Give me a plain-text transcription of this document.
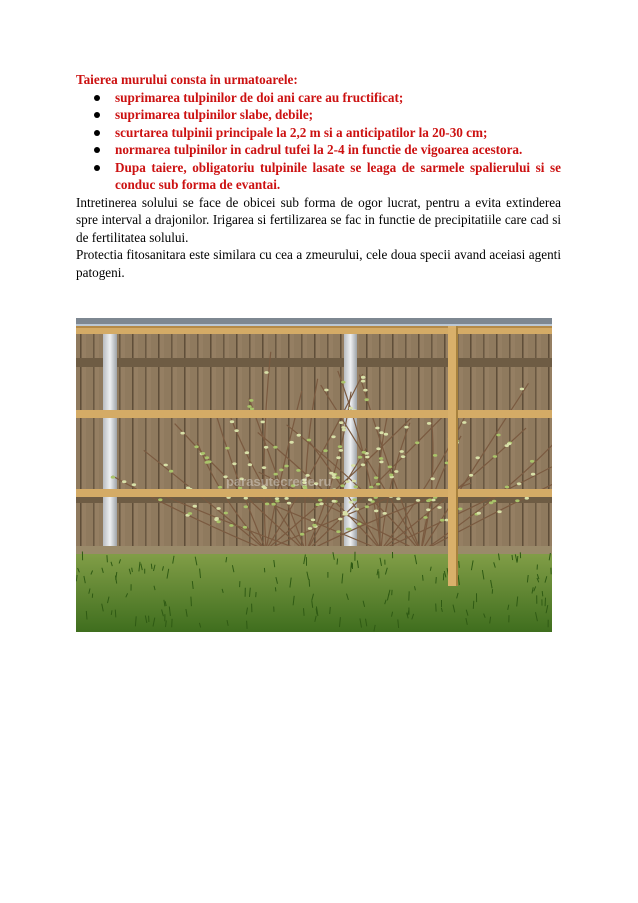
Taierea murului consta in urmatoarele:

suprimarea tulpinilor de doi ani care au fructificat;
suprimarea tulpinilor slabe, debile;
scurtarea tulpinii principale la 2,2 m si a anticipatilor la 20-30 cm;
normarea tulpinilor in cadrul tufei la 2-4 in functie de vigoarea acestora.
Dupa taiere, obligatoriu tulpinile lasate se leaga de sarmele spalierului si se conduc sub forma de evantai.

Intretinerea solului se face de obicei sub forma de ogor lucrat, pentru a evita extinderea spre interval a drajonilor. Irigarea si fertilizarea se fac in functie de precipitatiile care cad si de fertilitatea solului.

Protectia fitosanitara este similara cu cea a zmeurului, cele doua specii avand aceiasi agenti patogeni.

parasutecrede.ru
